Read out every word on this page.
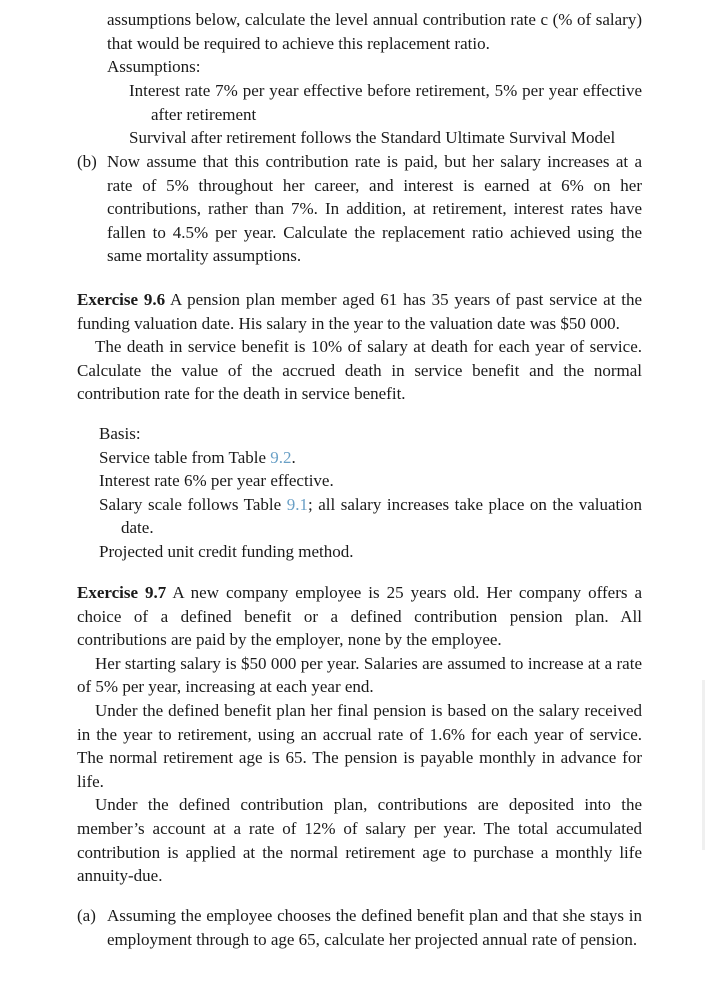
assumptions below, calculate the level annual contribution rate c (% of salary) that would be required to achieve this replacement ratio.

Assumptions:

Interest rate 7% per year effective before retirement, 5% per year effective after retirement

Survival after retirement follows the Standard Ultimate Survival Model

(b) Now assume that this contribution rate is paid, but her salary increases at a rate of 5% throughout her career, and interest is earned at 6% on her contributions, rather than 7%. In addition, at retirement, interest rates have fallen to 4.5% per year. Calculate the replacement ratio achieved using the same mortality assumptions.

Exercise 9.6 A pension plan member aged 61 has 35 years of past service at the funding valuation date. His salary in the year to the valuation date was $50 000.

The death in service benefit is 10% of salary at death for each year of service. Calculate the value of the accrued death in service benefit and the normal contribution rate for the death in service benefit.

Basis:

Service table from Table 9.2.

Interest rate 6% per year effective.

Salary scale follows Table 9.1; all salary increases take place on the valuation date.

Projected unit credit funding method.

Exercise 9.7 A new company employee is 25 years old. Her company offers a choice of a defined benefit or a defined contribution pension plan. All contributions are paid by the employer, none by the employee.

Her starting salary is $50 000 per year. Salaries are assumed to increase at a rate of 5% per year, increasing at each year end.

Under the defined benefit plan her final pension is based on the salary received in the year to retirement, using an accrual rate of 1.6% for each year of service. The normal retirement age is 65. The pension is payable monthly in advance for life.

Under the defined contribution plan, contributions are deposited into the member’s account at a rate of 12% of salary per year. The total accumulated contribution is applied at the normal retirement age to purchase a monthly life annuity-due.

(a) Assuming the employee chooses the defined benefit plan and that she stays in employment through to age 65, calculate her projected annual rate of pension.
